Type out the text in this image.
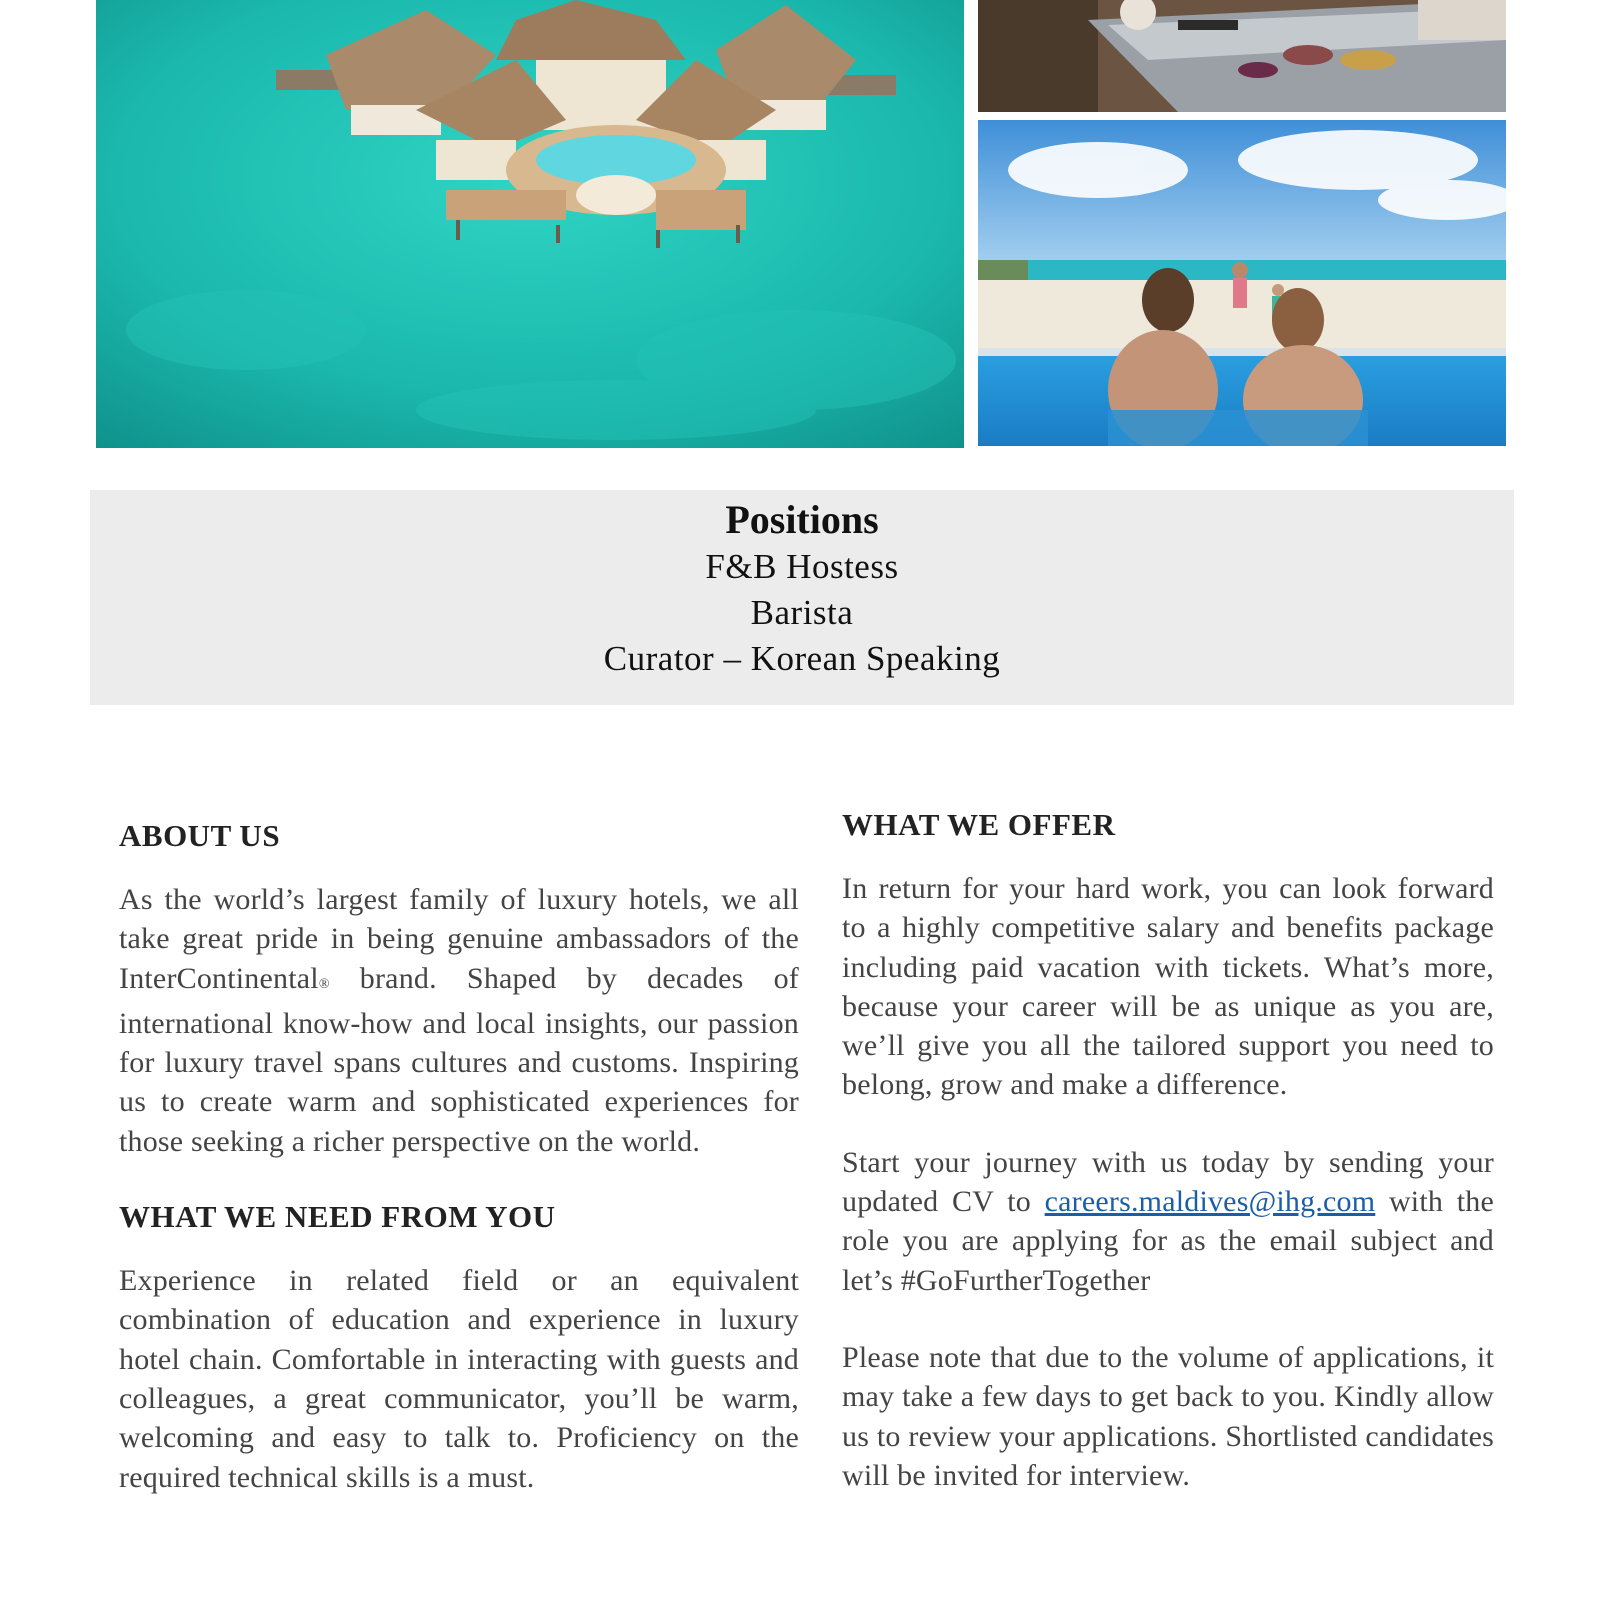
Positions
F&B Hostess
Barista
Curator – Korean Speaking
ABOUT US

As the world’s largest family of luxury hotels, we all take great pride in being genuine ambassadors of the InterContinental® brand. Shaped by decades of international know-how and local insights, our passion for luxury travel spans cultures and customs. Inspiring us to create warm and sophisticated experiences for those seeking a richer perspective on the world.

WHAT WE NEED FROM YOU

Experience in related field or an equivalent combination of education and experience in luxury hotel chain. Comfortable in interacting with guests and colleagues, a great communicator, you’ll be warm, welcoming and easy to talk to. Proficiency on the required technical skills is a must.

WHAT WE OFFER

In return for your hard work, you can look forward to a highly competitive salary and benefits package including paid vacation with tickets. What’s more, because your career will be as unique as you are, we’ll give you all the tailored support you need to belong, grow and make a difference.

Start your journey with us today by sending your updated CV to careers.maldives@ihg.com with the role you are applying for as the email subject and let’s #GoFurtherTogether

Please note that due to the volume of applications, it may take a few days to get back to you. Kindly allow us to review your applications. Shortlisted candidates will be invited for interview.
